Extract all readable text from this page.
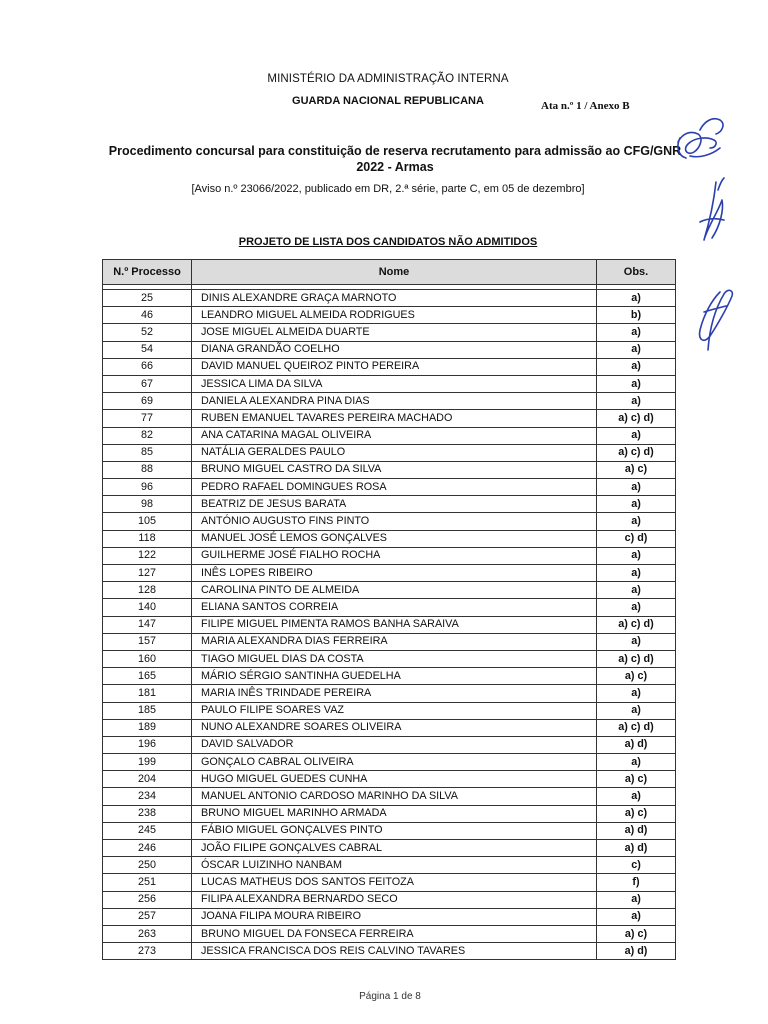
MINISTÉRIO DA ADMINISTRAÇÃO INTERNA
GUARDA NACIONAL REPUBLICANA	Ata n.º 1 / Anexo B
Procedimento concursal para constituição de reserva recrutamento para admissão ao CFG/GNR
2022 - Armas
[Aviso n.º 23066/2022, publicado em DR, 2.ª série, parte C, em 05 de dezembro]
PROJETO DE LISTA DOS CANDIDATOS NÃO ADMITIDOS
N.º Processo	Nome	Obs.

25	DINIS ALEXANDRE GRAÇA MARNOTO	a)
46	LEANDRO MIGUEL ALMEIDA RODRIGUES	b)
52	JOSE MIGUEL ALMEIDA DUARTE	a)
54	DIANA GRANDÃO COELHO	a)
66	DAVID MANUEL QUEIROZ PINTO PEREIRA	a)
67	JESSICA LIMA DA SILVA	a)
69	DANIELA ALEXANDRA PINA DIAS	a)
77	RUBEN EMANUEL TAVARES PEREIRA MACHADO	a) c) d)
82	ANA CATARINA MAGAL OLIVEIRA	a)
85	NATÁLIA GERALDES PAULO	a) c) d)
88	BRUNO MIGUEL CASTRO DA SILVA	a) c)
96	PEDRO RAFAEL DOMINGUES ROSA	a)
98	BEATRIZ DE JESUS BARATA	a)
105	ANTÓNIO AUGUSTO FINS PINTO	a)
118	MANUEL JOSÉ LEMOS GONÇALVES	c) d)
122	GUILHERME JOSÉ FIALHO ROCHA	a)
127	INÊS LOPES RIBEIRO	a)
128	CAROLINA PINTO DE ALMEIDA	a)
140	ELIANA SANTOS CORREIA	a)
147	FILIPE MIGUEL PIMENTA RAMOS BANHA SARAIVA	a) c) d)
157	MARIA ALEXANDRA DIAS FERREIRA	a)
160	TIAGO MIGUEL DIAS DA COSTA	a) c) d)
165	MÁRIO SÉRGIO SANTINHA GUEDELHA	a) c)
181	MARIA INÊS TRINDADE PEREIRA	a)
185	PAULO FILIPE SOARES VAZ	a)
189	NUNO ALEXANDRE SOARES OLIVEIRA	a) c) d)
196	DAVID SALVADOR	a) d)
199	GONÇALO CABRAL OLIVEIRA	a)
204	HUGO MIGUEL GUEDES CUNHA	a) c)
234	MANUEL ANTONIO CARDOSO MARINHO DA SILVA	a)
238	BRUNO MIGUEL MARINHO ARMADA	a) c)
245	FÁBIO MIGUEL GONÇALVES PINTO	a) d)
246	JOÃO FILIPE GONÇALVES CABRAL	a) d)
250	ÓSCAR LUIZINHO NANBAM	c)
251	LUCAS MATHEUS DOS SANTOS FEITOZA	f)
256	FILIPA ALEXANDRA BERNARDO SECO	a)
257	JOANA FILIPA MOURA RIBEIRO	a)
263	BRUNO MIGUEL DA FONSECA FERREIRA	a) c)
273	JESSICA FRANCISCA DOS REIS CALVINO TAVARES	a) d)
Página 1 de 8
